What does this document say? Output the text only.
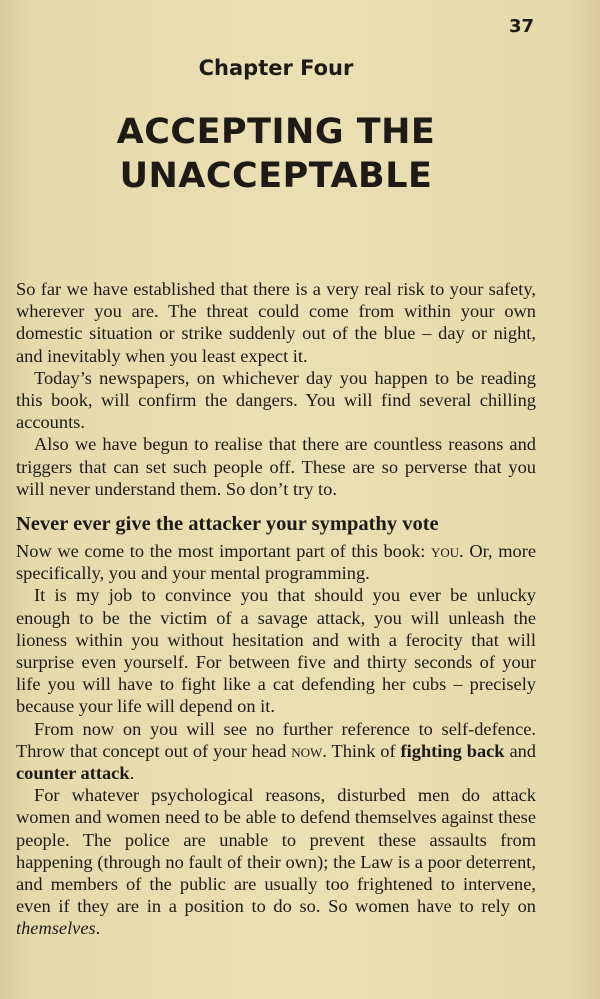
37
Chapter Four
ACCEPTING THE
UNACCEPTABLE

So far we have established that there is a very real risk to your safety, wherever you are. The threat could come from within your own domestic situation or strike suddenly out of the blue – day or night, and inevitably when you least expect it.

Today’s newspapers, on whichever day you happen to be reading this book, will confirm the dangers. You will find several chilling accounts.

Also we have begun to realise that there are countless reasons and triggers that can set such people off. These are so perverse that you will never understand them. So don’t try to.

Never ever give the attacker your sympathy vote

Now we come to the most important part of this book: you. Or, more specifically, you and your mental programming.

It is my job to convince you that should you ever be unlucky enough to be the victim of a savage attack, you will unleash the lioness within you without hesitation and with a ferocity that will surprise even yourself. For between five and thirty seconds of your life you will have to fight like a cat defending her cubs – precisely because your life will depend on it.

From now on you will see no further reference to self-defence. Throw that concept out of your head now. Think of fighting back and counter attack.

For whatever psychological reasons, disturbed men do attack women and women need to be able to defend themselves against these people. The police are unable to prevent these assaults from happening (through no fault of their own); the Law is a poor deterrent, and members of the public are usually too frightened to intervene, even if they are in a position to do so. So women have to rely on themselves.
